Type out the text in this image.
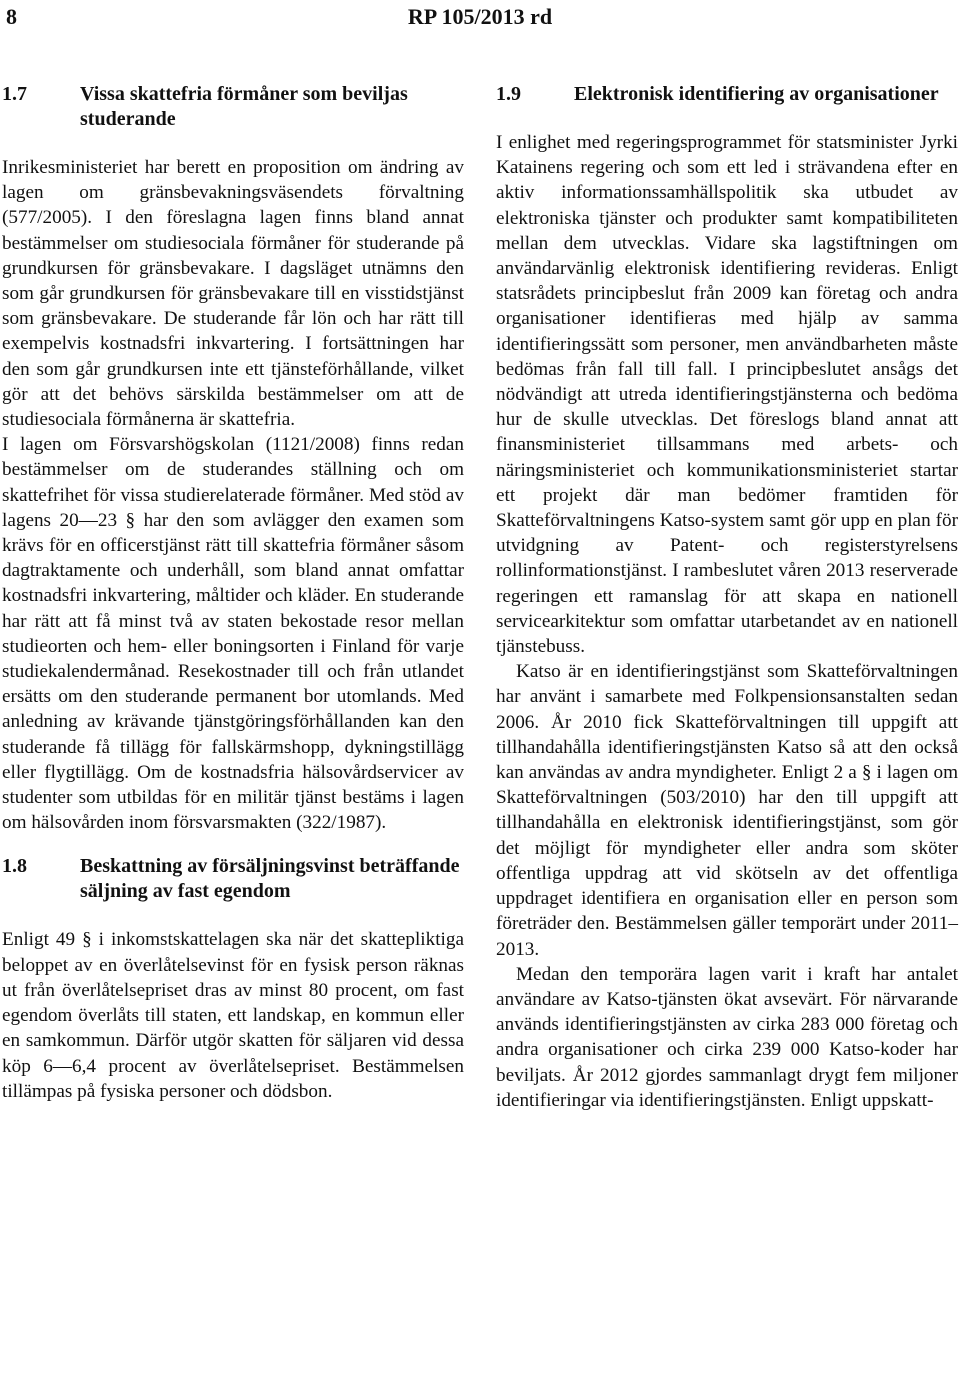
8	RP 105/2013 rd
1.7	Vissa skattefria förmåner som beviljas studerande

Inrikesministeriet har berett en proposition om ändring av lagen om gränsbevakningsväsendets förvaltning (577/2005). I den föreslagna lagen finns bland annat bestämmelser om studiesociala förmåner för studerande på grundkursen för gränsbevakare. I dagsläget utnämns den som går grundkursen för gränsbevakare till en visstidstjänst som gränsbevakare. De studerande får lön och har rätt till exempelvis kostnadsfri inkvartering. I fortsättningen har den som går grundkursen inte ett tjänsteförhållande, vilket gör att det behövs särskilda bestämmelser om att de studiesociala förmånerna är skattefria.

I lagen om Försvarshögskolan (1121/2008) finns redan bestämmelser om de studerandes ställning och om skattefrihet för vissa studierelaterade förmåner. Med stöd av lagens 20—23 § har den som avlägger den examen som krävs för en officerstjänst rätt till skattefria förmåner såsom dagtraktamente och underhåll, som bland annat omfattar kostnadsfri inkvartering, måltider och kläder. En studerande har rätt att få minst två av staten bekostade resor mellan studieorten och hem- eller boningsorten i Finland för varje studiekalendermånad. Resekostnader till och från utlandet ersätts om den studerande permanent bor utomlands. Med anledning av krävande tjänstgöringsförhållanden kan den studerande få tillägg för fallskärmshopp, dykningstillägg eller flygtillägg. Om de kostnadsfria hälsovårdservicer av studenter som utbildas för en militär tjänst bestäms i lagen om hälsovården inom försvarsmakten (322/1987).

1.8	Beskattning av försäljningsvinst beträffande säljning av fast egendom

Enligt 49 § i inkomstskattelagen ska när det skattepliktiga beloppet av en överlåtelsevinst för en fysisk person räknas ut från överlåtelsepriset dras av minst 80 procent, om fast egendom överlåts till staten, ett landskap, en kommun eller en samkommun. Därför utgör skatten för säljaren vid dessa köp 6—6,4 procent av överlåtelsepriset. Bestämmelsen tillämpas på fysiska personer och dödsbon.

1.9	Elektronisk identifiering av organisationer

I enlighet med regeringsprogrammet för statsminister Jyrki Katainens regering och som ett led i strävandena efter en aktiv informationssamhällspolitik ska utbudet av elektroniska tjänster och produkter samt kompatibiliteten mellan dem utvecklas. Vidare ska lagstiftningen om användarvänlig elektronisk identifiering revideras. Enligt statsrådets principbeslut från 2009 kan företag och andra organisationer identifieras med hjälp av samma identifieringssätt som personer, men användbarheten måste bedömas från fall till fall. I principbeslutet ansågs det nödvändigt att utreda identifieringstjänsterna och bedöma hur de skulle utvecklas. Det föreslogs bland annat att finansministeriet tillsammans med arbets- och näringsministeriet och kommunikationsministeriet startar ett projekt där man bedömer framtiden för Skatteförvaltningens Katso-system samt gör upp en plan för utvidgning av Patent- och registerstyrelsens rollinformationstjänst. I rambeslutet våren 2013 reserverade regeringen ett ramanslag för att skapa en nationell servicearkitektur som omfattar utarbetandet av en nationell tjänstebuss.

Katso är en identifieringstjänst som Skatteförvaltningen har använt i samarbete med Folkpensionsanstalten sedan 2006. År 2010 fick Skatteförvaltningen till uppgift att tillhandahålla identifieringstjänsten Katso så att den också kan användas av andra myndigheter. Enligt 2 a § i lagen om Skatteförvaltningen (503/2010) har den till uppgift att tillhandahålla en elektronisk identifieringstjänst, som gör det möjligt för myndigheter eller andra som sköter offentliga uppdrag att vid skötseln av det offentliga uppdraget identifiera en organisation eller en person som företräder den. Bestämmelsen gäller temporärt under 2011–2013.

Medan den temporära lagen varit i kraft har antalet användare av Katso-tjänsten ökat avsevärt. För närvarande används identifieringstjänsten av cirka 283 000 företag och andra organisationer och cirka 239 000 Katso-koder har beviljats. År 2012 gjordes sammanlagt drygt fem miljoner identifieringar via identifieringstjänsten. Enligt uppskatt-
